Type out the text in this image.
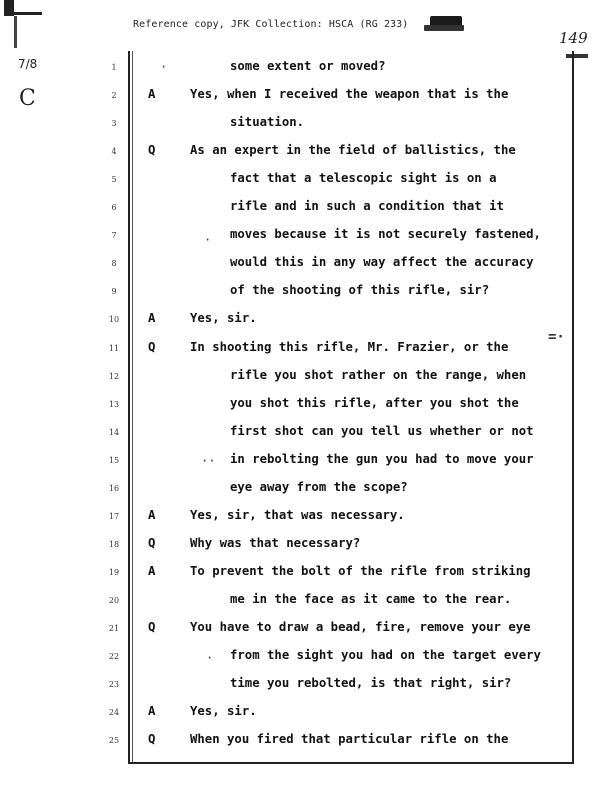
Reference copy, JFK Collection: HSCA (RG 233)
149
7/8
C
·
·
··
·
=·
1	some extent or moved?
2	A	Yes, when I received the weapon that is the
3	situation.
4	Q	As an expert in the field of ballistics, the
5	fact that a telescopic sight is on a
6	rifle and in such a condition that it
7	moves because it is not securely fastened,
8	would this in any way affect the accuracy
9	of the shooting of this rifle, sir?
10 A	Yes, sir.
11 Q	In shooting this rifle, Mr. Frazier, or the
12	rifle you shot rather on the range, when
13	you shot this rifle, after you shot the
14	first shot can you tell us whether or not
15	in rebolting the gun you had to move your
16	eye away from the scope?
17 A	Yes, sir, that was necessary.
18 Q	Why was that necessary?
19 A	To prevent the bolt of the rifle from striking
20	me in the face as it came to the rear.
21 Q	You have to draw a bead, fire, remove your eye
22	from the sight you had on the target every
23	time you rebolted, is that right, sir?
24 A	Yes, sir.
25 Q	When you fired that particular rifle on the
